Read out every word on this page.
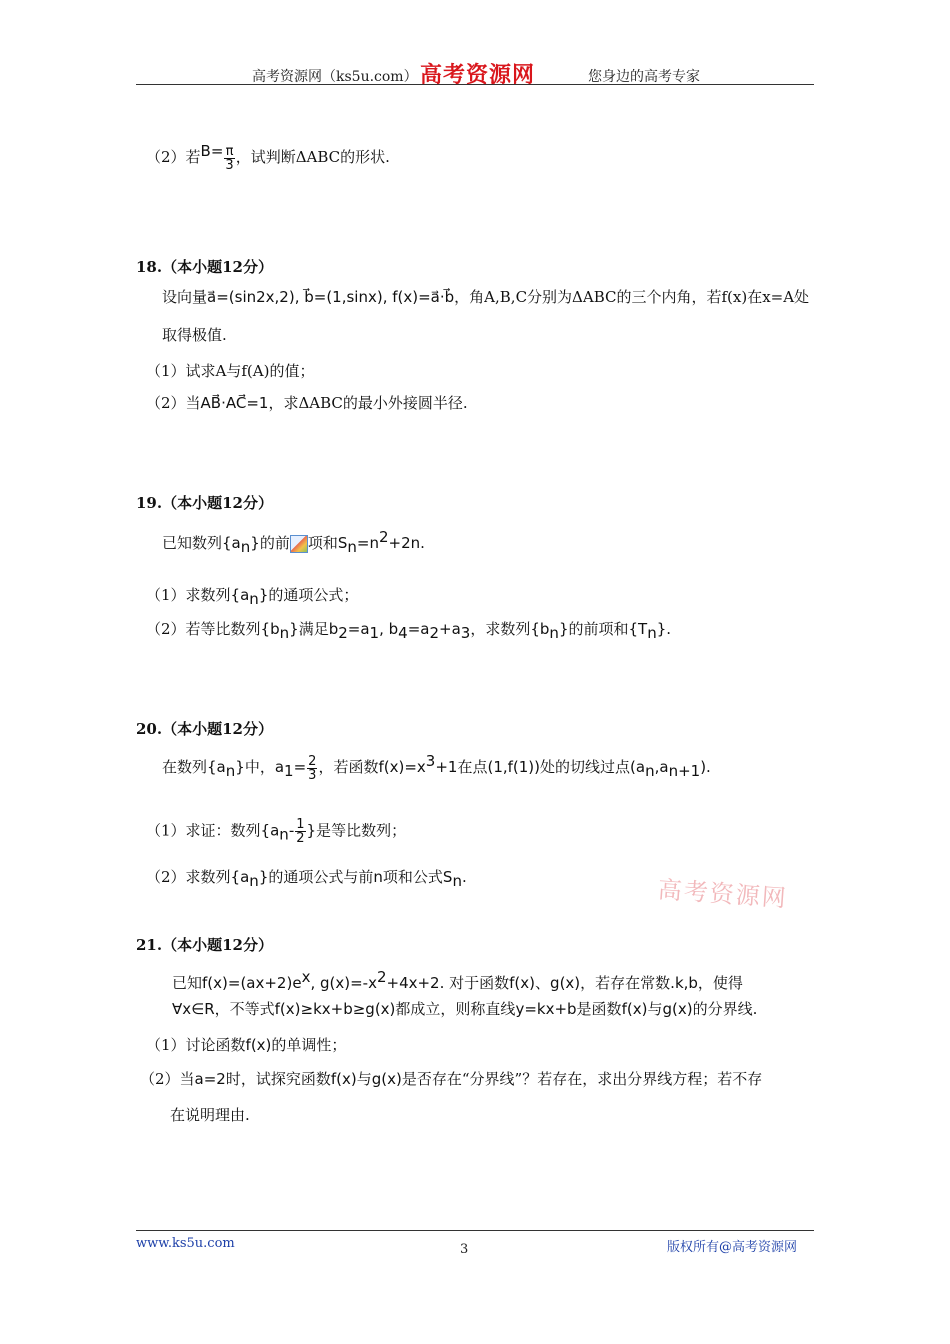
高考资源网（ks5u.com） 高考资源网	您身边的高考专家
（2）若$B= \frac{\pi}{3}$ ，试判断ΔABC的形状.
18.（本小题12分）
设向量a⃗=(sin2x,2), b⃗=(1,sinx), f(x)=a⃗·b⃗，角A,B,C分别为ΔABC的三个内角，若f(x)在x=A处
取得极值.
（1）试求A与f(A)的值；
（2）当AB⃗·AC⃗=1，求ΔABC的最小外接圆半径.
19.（本小题12分）
已知数列$\{a_n\}$的前 项和$S_n=n^2+2n$.
（1）求数列$\{a_n\}$的通项公式；
（2）若等比数列$\{b_n\}$满足$b_2=a_1$, $b_4=a_2+a_3$，求数列$\{b_n\}$的前项和$\{T_n\}$.
20.（本小题12分）
在数列$\{a_n\}$中，$a_1= \frac{2}{3}$ ，若函数$f(x)=x^3+1$在点(1,f(1))处的切线过点$(a_n,a_{n+1})$.
（1）求证：数列{$a_n- \frac{1}{2}$ }是等比数列；
（2）求数列$\{a_n\}$的通项公式与前n项和公式$S_n$.	高考资源网
21.（本小题12分）
已知$f(x)=(ax+2)e^x$, $g(x)=-x^2+4x+2$. 对于函数f(x)、g(x)，若存在常数.k,b，使得
∀x∈R，不等式f(x)≥kx+b≥g(x)都成立，则称直线y=kx+b是函数f(x)与g(x)的分界线.
（1）讨论函数f(x)的单调性；
（2）当a=2时，试探究函数f(x)与g(x)是否存在“分界线”？若存在，求出分界线方程；若不存
在说明理由.
www.ks5u.com	3	版权所有@高考资源网
